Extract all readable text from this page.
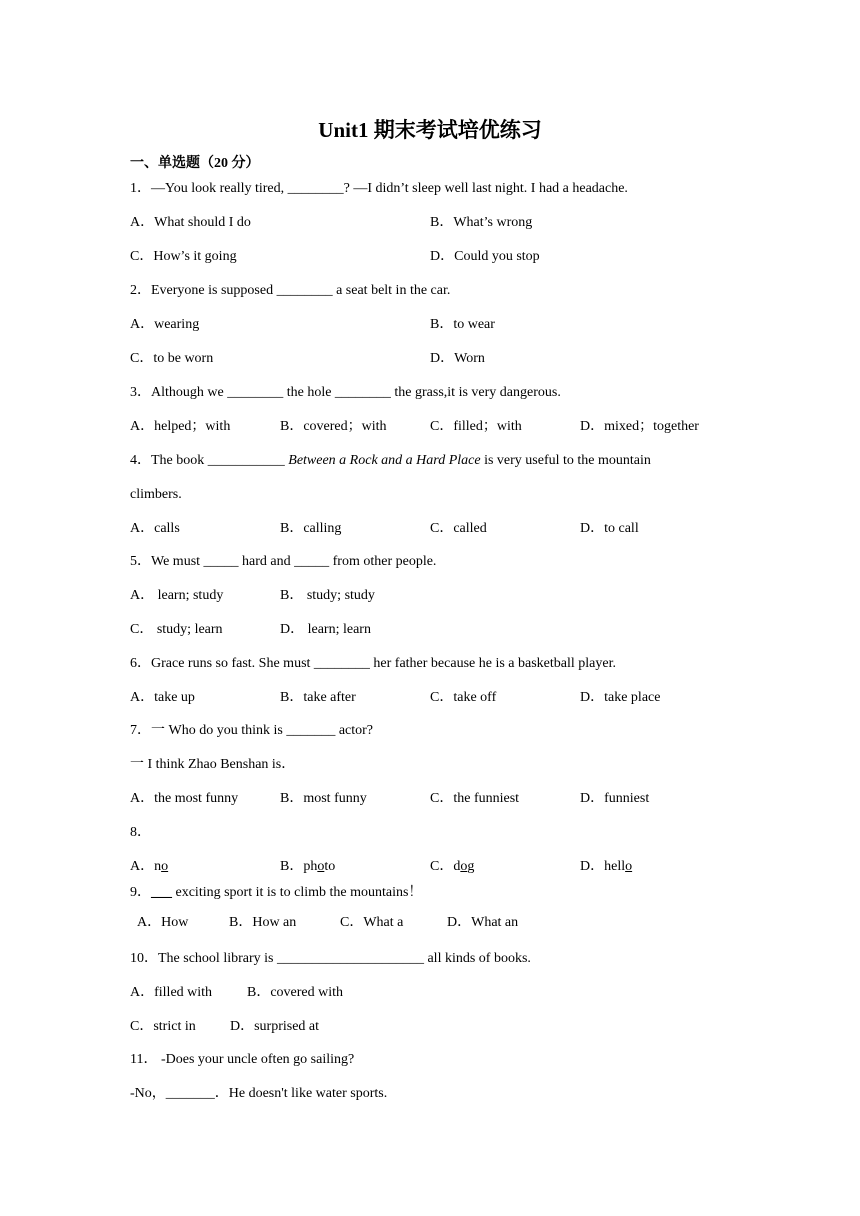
Unit1 期末考试培优练习
一、单选题（20 分）
1．—You look really tired, ________? —I didn’t sleep well last night. I had a headache.
A．What should I do	B．What’s wrong
C．How’s it going	D．Could you stop
2．Everyone is supposed ________ a seat belt in the car.
A．wearing	B．to wear
C．to be worn	D．Worn
3．Although we ________ the hole ________ the grass,it is very dangerous.
A．helped；with	B．covered；with	C．filled；with	D．mixed；together
4．The book ___________ Between a Rock and a Hard Place is very useful to the mountain
climbers.
A．calls	B．calling	C．called	D．to call
5．We must _____ hard and _____ from other people.
A． learn; study	B． study; study
C． study; learn	D． learn; learn
6．Grace runs so fast. She must ________ her father because he is a basketball player.
A．take up	B．take after	C．take off	D．take place
7．一 Who do you think is _______ actor?
一 I think Zhao Benshan is．
A．the most funny	B．most funny	C．the funniest	D．funniest
8．
A．no	B．photo	C．dog	D．hello
9．___ exciting sport it is to climb the mountains！
A．How	B．How an	C．What a	D．What an
10．The school library is _____________________ all kinds of books.
A．filled with B．covered with
C．strict in D．surprised at
11． -Does your uncle often go sailing?
-No，_______．He doesn't like water sports.
